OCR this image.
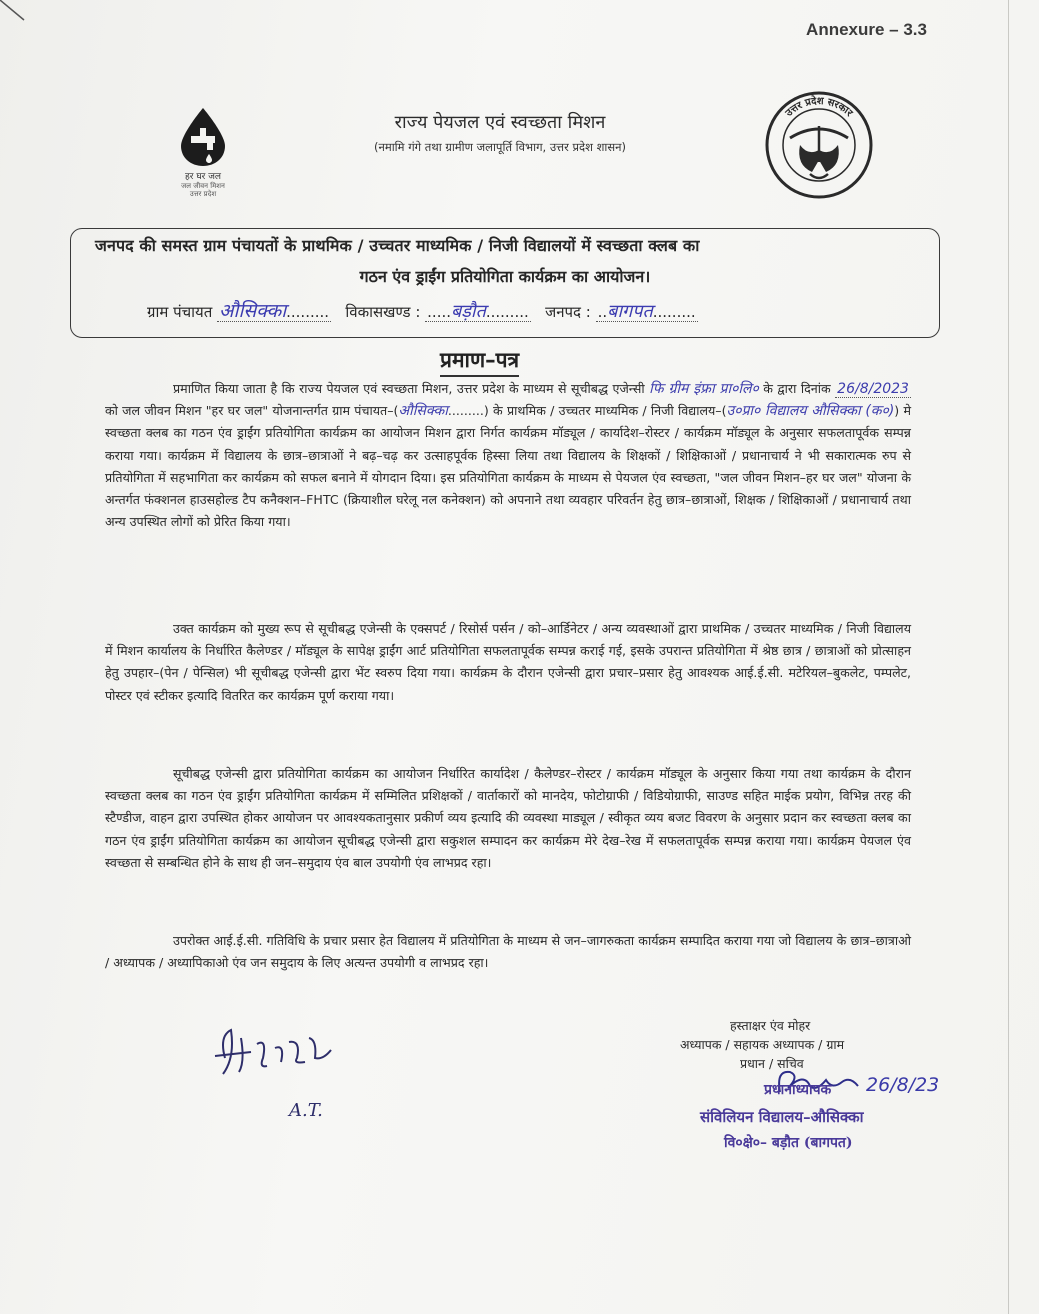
Annexure – 3.3
हर घर जल
जल जीवन मिशन
उत्तर प्रदेश
उत्तर प्रदेश सरकार
राज्य पेयजल एवं स्वच्छता मिशन
(नमामि गंगे तथा ग्रामीण जलापूर्ति विभाग, उत्तर प्रदेश शासन)
जनपद की समस्त ग्राम पंचायतों के प्राथमिक / उच्चतर माध्यमिक / निजी विद्यालयों में स्वच्छता क्लब का
गठन एंव ड्राईंग प्रतियोगिता कार्यक्रम का आयोजन।
ग्राम पंचायत औसिक्का......... विकासखण्ड : .....बड़ौत......... जनपद : ..बागपत.........
प्रमाण–पत्र
प्रमाणित किया जाता है कि राज्य पेयजल एवं स्वच्छता मिशन, उत्तर प्रदेश के माध्यम से सूचीबद्ध एजेन्सी फि ग्रीम इंफ्रा प्रा०लि० के द्वारा दिनांक 26/8/2023 को जल जीवन मिशन "हर घर जल" योजनान्तर्गत ग्राम पंचायत–(औसिक्का.........) के प्राथमिक / उच्चतर माध्यमिक / निजी विद्यालय–(उ०प्रा० विद्यालय औसिक्का (क०)) मे स्वच्छता क्लब का गठन एंव ड्राईंग प्रतियोगिता कार्यक्रम का आयोजन मिशन द्वारा निर्गत कार्यक्रम मॉड्यूल / कार्यादेश–रोस्टर / कार्यक्रम मॉड्यूल के अनुसार सफलतापूर्वक सम्पन्न कराया गया। कार्यक्रम में विद्यालय के छात्र–छात्राओं ने बढ़–चढ़ कर उत्साहपूर्वक हिस्सा लिया तथा विद्यालय के शिक्षकों / शिक्षिकाओं / प्रधानाचार्य ने भी सकारात्मक रुप से प्रतियोगिता में सहभागिता कर कार्यक्रम को सफल बनाने में योगदान दिया। इस प्रतियोगिता कार्यक्रम के माध्यम से पेयजल एंव स्वच्छता, "जल जीवन मिशन–हर घर जल" योजना के अन्तर्गत फंक्शनल हाउसहोल्ड टैप कनैक्शन–FHTC (क्रियाशील घरेलू नल कनेक्शन) को अपनाने तथा व्यवहार परिवर्तन हेतु छात्र–छात्राओं, शिक्षक / शिक्षिकाओं / प्रधानाचार्य तथा अन्य उपस्थित लोगों को प्रेरित किया गया।
उक्त कार्यक्रम को मुख्य रूप से सूचीबद्ध एजेन्सी के एक्सपर्ट / रिसोर्स पर्सन / को–आर्डिनेटर / अन्य व्यवस्थाओं द्वारा प्राथमिक / उच्चतर माध्यमिक / निजी विद्यालय में मिशन कार्यालय के निर्धारित कैलेण्डर / मॉड्यूल के सापेक्ष ड्राईंग आर्ट प्रतियोगिता सफलतापूर्वक सम्पन्न कराई गई, इसके उपरान्त प्रतियोगिता में श्रेष्ठ छात्र / छात्राओं को प्रोत्साहन हेतु उपहार–(पेन / पेन्सिल) भी सूचीबद्ध एजेन्सी द्वारा भेंट स्वरुप दिया गया। कार्यक्रम के दौरान एजेन्सी द्वारा प्रचार–प्रसार हेतु आवश्यक आई.ई.सी. मटेरियल–बुकलेट, पम्पलेट, पोस्टर एवं स्टीकर इत्यादि वितरित कर कार्यक्रम पूर्ण कराया गया।
सूचीबद्ध एजेन्सी द्वारा प्रतियोगिता कार्यक्रम का आयोजन निर्धारित कार्यादेश / कैलेण्डर–रोस्टर / कार्यक्रम मॉड्यूल के अनुसार किया गया तथा कार्यक्रम के दौरान स्वच्छता क्लब का गठन एंव ड्राईंग प्रतियोगिता कार्यक्रम में सम्मिलित प्रशिक्षकों / वार्ताकारों को मानदेय, फोटोग्राफी / विडियोग्राफी, साउण्ड सहित माईक प्रयोग, विभिन्न तरह की स्टैण्डीज, वाहन द्वारा उपस्थित होकर आयोजन पर आवश्यकतानुसार प्रकीर्ण व्यय इत्यादि की व्यवस्था माड्यूल / स्वीकृत व्यय बजट विवरण के अनुसार प्रदान कर स्वच्छता क्लब का गठन एंव ड्राईंग प्रतियोगिता कार्यक्रम का आयोजन सूचीबद्ध एजेन्सी द्वारा सकुशल सम्पादन कर कार्यक्रम मेरे देख–रेख में सफलतापूर्वक सम्पन्न कराया गया। कार्यक्रम पेयजल एंव स्वच्छता से सम्बन्धित होने के साथ ही जन–समुदाय एंव बाल उपयोगी एंव लाभप्रद रहा।
उपरोक्त आई.ई.सी. गतिविधि के प्रचार प्रसार हेत विद्यालय में प्रतियोगिता के माध्यम से जन–जागरुकता कार्यक्रम सम्पादित कराया गया जो विद्यालय के छात्र–छात्राओ / अध्यापक / अध्यापिकाओ एंव जन समुदाय के लिए अत्यन्त उपयोगी व लाभप्रद रहा।
A.T.
हस्ताक्षर एंव मोहर
अध्यापक / सहायक अध्यापक / ग्राम
प्रधान / सचिव
26/8/23
प्रधानाध्यापक
संविलियन विद्यालय–औसिक्का
वि०क्षे०– बड़ौत (बागपत)
